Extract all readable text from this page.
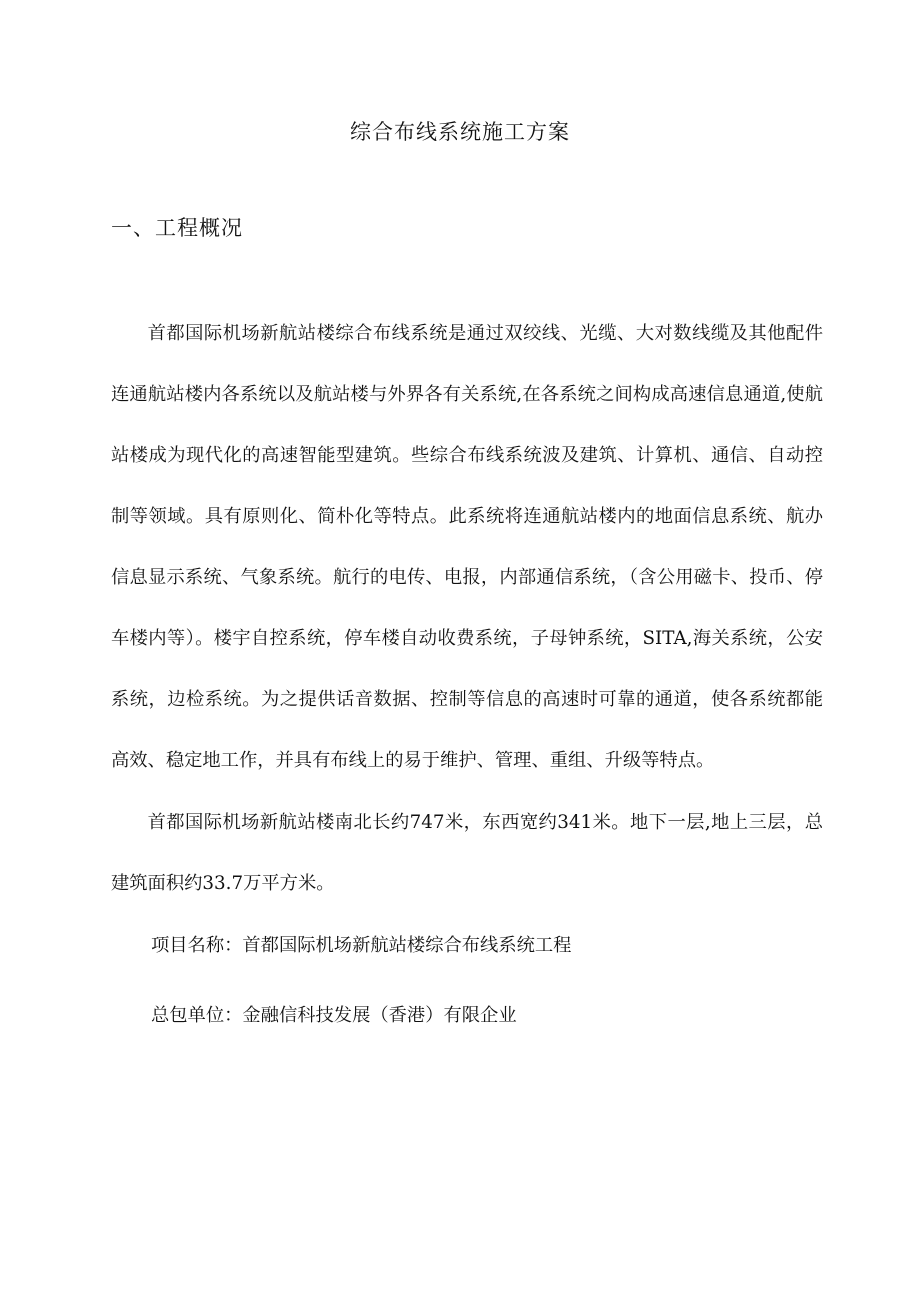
综合布线系统施工方案
一、工程概况

首都国际机场新航站楼综合布线系统是通过双绞线、光缆、大对数线缆及其他配件连通航站楼内各系统以及航站楼与外界各有关系统,在各系统之间构成高速信息通道,使航站楼成为现代化的高速智能型建筑。些综合布线系统波及建筑、计算机、通信、自动控制等领域。具有原则化、简朴化等特点。此系统将连通航站楼内的地面信息系统、航办信息显示系统、气象系统。航行的电传、电报，内部通信系统，（含公用磁卡、投币、停车楼内等）。楼宇自控系统，停车楼自动收费系统，子母钟系统，SITA,海关系统，公安系统，边检系统。为之提供话音数据、控制等信息的高速时可靠的通道，使各系统都能高效、稳定地工作，并具有布线上的易于维护、管理、重组、升级等特点。

首都国际机场新航站楼南北长约747米，东西宽约341米。地下一层,地上三层，总建筑面积约33.7万平方米。

项目名称：首都国际机场新航站楼综合布线系统工程

总包单位：金融信科技发展（香港）有限企业
